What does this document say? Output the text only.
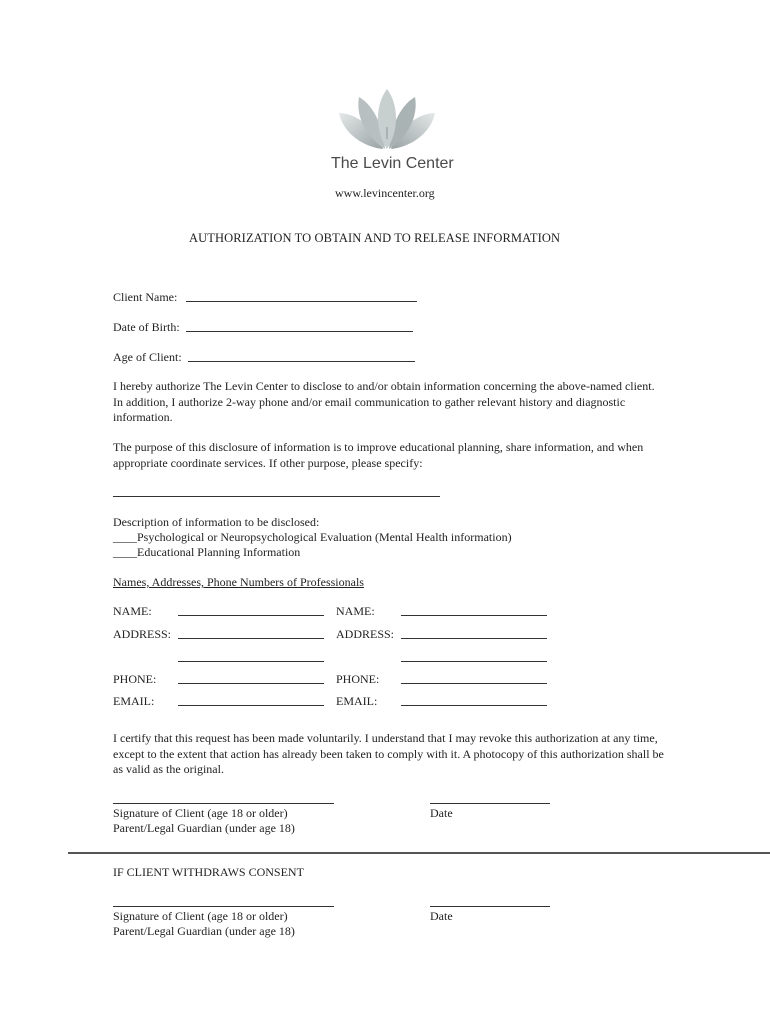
The Levin Center
www.levincenter.org
AUTHORIZATION TO OBTAIN AND TO RELEASE INFORMATION
Client Name:
Date of Birth:
Age of Client:
I hereby authorize The Levin Center to disclose to and/or obtain information concerning the above-named client. In addition, I authorize 2-way phone and/or email communication to gather relevant history and diagnostic information.
The purpose of this disclosure of information is to improve educational planning, share information, and when appropriate coordinate services. If other purpose, please specify:
Description of information to be disclosed:
____Psychological or Neuropsychological Evaluation (Mental Health information)
____Educational Planning Information
Names, Addresses, Phone Numbers of Professionals
NAME:	NAME:
ADDRESS:	ADDRESS:
PHONE:	PHONE:
EMAIL:	EMAIL:
I certify that this request has been made voluntarily. I understand that I may revoke this authorization at any time, except to the extent that action has already been taken to comply with it. A photocopy of this authorization shall be as valid as the original.
Signature of Client (age 18 or older)	Date
Parent/Legal Guardian (under age 18)
IF CLIENT WITHDRAWS CONSENT
Signature of Client (age 18 or older)	Date
Parent/Legal Guardian (under age 18)
